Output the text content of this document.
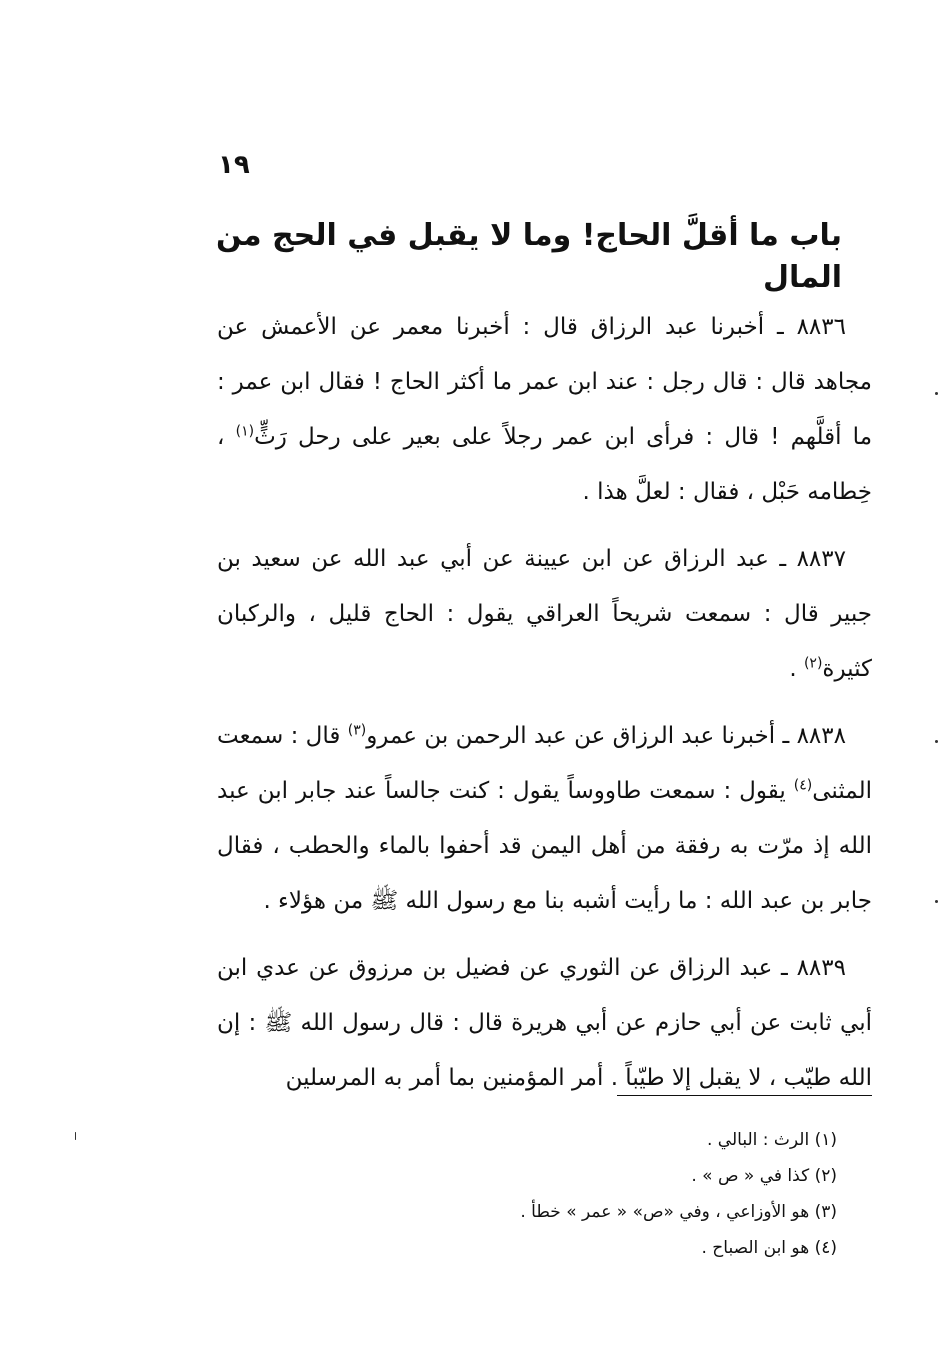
١٩
باب ما أقلَّ الحاج! وما لا يقبل في الحج من المال

٨٨٣٦ ـ أخبرنا عبد الرزاق قال : أخبرنا معمر عن الأعمش عن مجاهد قال : قال رجل : عند ابن عمر ما أكثر الحاج ! فقال ابن عمر : ما أقلَّهم ! قال : فرأى ابن عمر رجلاً على بعير على رحل رَثٍّ$^{(١)}$ ، خِطامه حَبْل ، فقال : لعلَّ هذا .

٨٨٣٧ ـ عبد الرزاق عن ابن عيينة عن أبي عبد الله عن سعيد بن جبير قال : سمعت شريحاً العراقي يقول : الحاج قليل ، والركبان كثيرة$^{(٢)}$ .

٨٨٣٨ ـ أخبرنا عبد الرزاق عن عبد الرحمن بن عمرو$^{(٣)}$ قال : سمعت المثنى$^{(٤)}$ يقول : سمعت طاووساً يقول : كنت جالساً عند جابر ابن عبد الله إذ مرّت به رفقة من أهل اليمن قد أحفوا بالماء والحطب ، فقال جابر بن عبد الله : ما رأيت أشبه بنا مع رسول الله ﷺ من هؤلاء .

٨٨٣٩ ـ عبد الرزاق عن الثوري عن فضيل بن مرزوق عن عدي ابن أبي ثابت عن أبي حازم عن أبي هريرة قال : قال رسول الله ﷺ : إن الله طيّب ، لا يقبل إلا طيّباً . أمر المؤمنين بما أمر به المرسلين

(١) الرث : البالي .
(٢) كذا في « ص » .
(٣) هو الأوزاعي ، وفي «ص» « عمر » خطأ .
(٤) هو ابن الصباح .
